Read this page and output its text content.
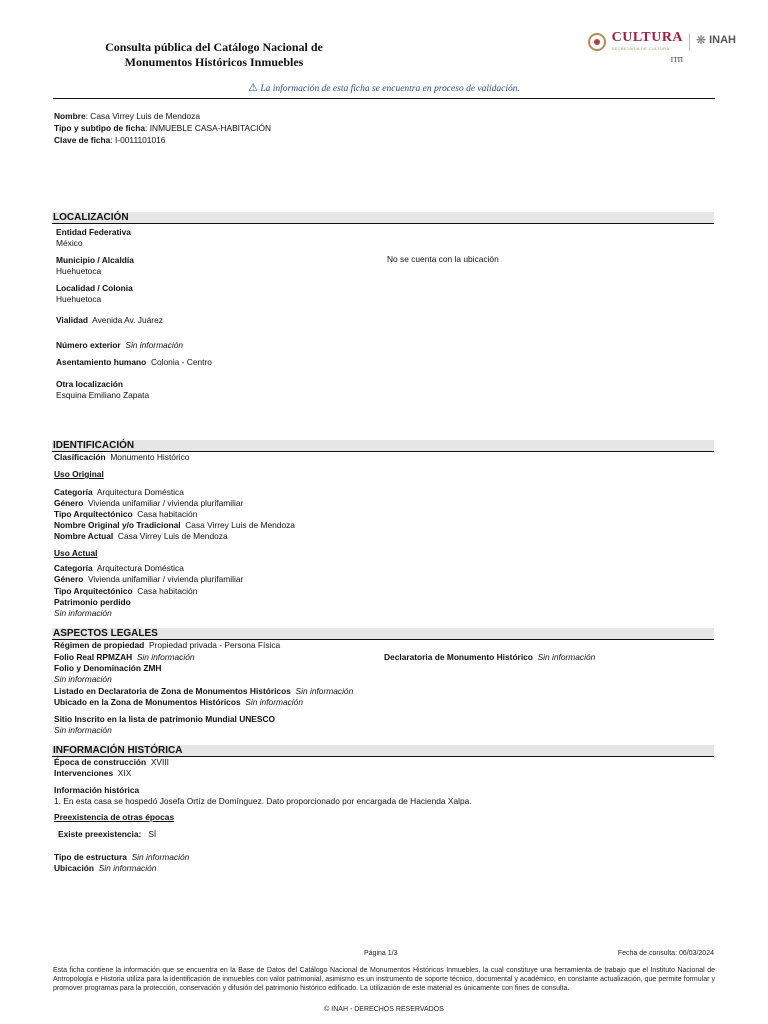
Consulta pública del Catálogo Nacional de
Monumentos Históricos Inmuebles
CULTURA
SECRETARÍA DE CULTURA
❋ INAH
ɪтп
⚠ La información de esta ficha se encuentra en proceso de validación.
Nombre: Casa Virrey Luis de Mendoza
Tipo y subtipo de ficha: INMUEBLE CASA-HABITACIÓN
Clave de ficha: I-0011101016
LOCALIZACIÓN
Entidad Federativa
México
Municipio / Alcaldía
Huehuetoca
No se cuenta con la ubicación
Localidad / Colonia
Huehuetoca
Vialidad Avenida Av. Juárez
Número exterior Sin información
Asentamiento humano Colonia - Centro
Otra localización
Esquina Emiliano Zapata
IDENTIFICACIÓN
Clasificación Monumento Histórico
Uso Original
Categoría Arquitectura Doméstica
Género Vivienda unifamiliar / vivienda plurifamiliar
Tipo Arquitectónico Casa habitación
Nombre Original y/o Tradicional Casa Virrey Luis de Mendoza
Nombre Actual Casa Virrey Luis de Mendoza
Uso Actual
Categoría Arquitectura Doméstica
Género Vivienda unifamiliar / vivienda plurifamiliar
Tipo Arquitectónico Casa habitación
Patrimonio perdido
Sin información
ASPECTOS LEGALES
Régimen de propiedad Propiedad privada - Persona Física
Folio Real RPMZAH Sin información	Declaratoria de Monumento Histórico Sin información
Folio y Denominación ZMH
Sin información
Listado en Declaratoria de Zona de Monumentos Históricos Sin información
Ubicado en la Zona de Monumentos Históricos Sin información
Sitio Inscrito en la lista de patrimonio Mundial UNESCO
Sin información
INFORMACIÓN HISTÓRICA
Época de construcción XVIII
Intervenciones XIX
Información histórica
1. En esta casa se hospedó Josefa Ortíz de Domínguez. Dato proporcionado por encargada de Hacienda Xalpa.
Preexistencia de otras épocas
Existe preexistencia: SÍ
Tipo de estructura Sin información
Ubicación Sin información
Página 1/3	Fecha de consulta: 06/03/2024
Esta ficha contiene la información que se encuentra en la Base de Datos del Catálogo Nacional de Monumentos Históricos Inmuebles, la cual constituye una herramienta de trabajo que el Instituto Nacional de Antropología e Historia utiliza para la identificación de inmuebles con valor patrimonial, asimismo es un instrumento de soporte técnico, documental y académico, en constante actualización, que permite formular y promover programas para la protección, conservación y difusión del patrimonio histórico edificado. La utilización de este material es únicamente con fines de consulta.
© INAH - DERECHOS RESERVADOS
